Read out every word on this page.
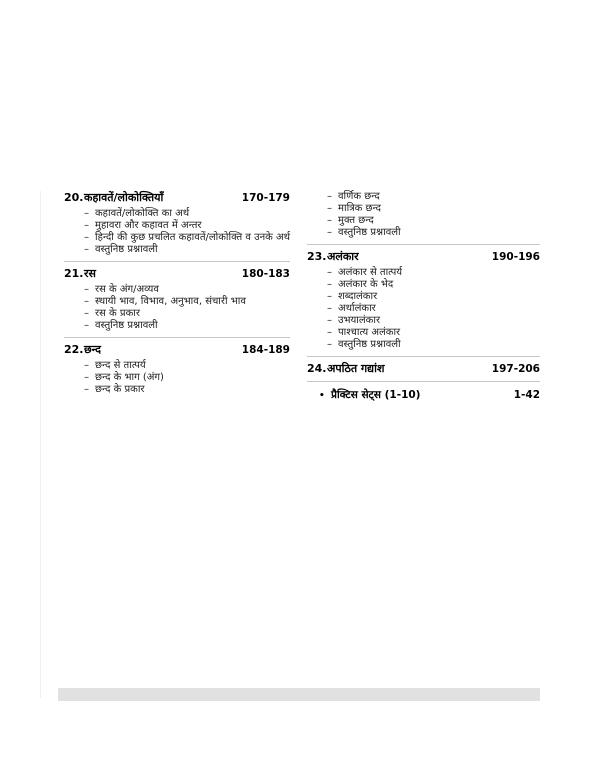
20. कहावतें/लोकोक्तियाँ	170-179
– कहावतें/लोकोक्ति का अर्थ
– मुहावरा और कहावत में अन्तर
– हिन्दी की कुछ प्रचलित कहावतें/लोकोक्ति व उनके अर्थ
– वस्तुनिष्ठ प्रश्नावली
21. रस	180-183
– रस के अंग/अव्यव
– स्थायी भाव, विभाव, अनुभाव, संचारी भाव
– रस के प्रकार
– वस्तुनिष्ठ प्रश्नावली
22. छन्द	184-189
– छन्द से तात्पर्य
– छन्द के भाग (अंग)
– छन्द के प्रकार
– वर्णिक छन्द
– मात्रिक छन्द
– मुक्त छन्द
– वस्तुनिष्ठ प्रश्नावली
23. अलंकार	190-196
– अलंकार से तात्पर्य
– अलंकार के भेद
– शब्दालंकार
– अर्थालंकार
– उभयालंकार
– पाश्चात्य अलंकार
– वस्तुनिष्ठ प्रश्नावली
24. अपठित गद्यांश	197-206
• प्रैक्टिस सेट्स (1-10)	1-42
